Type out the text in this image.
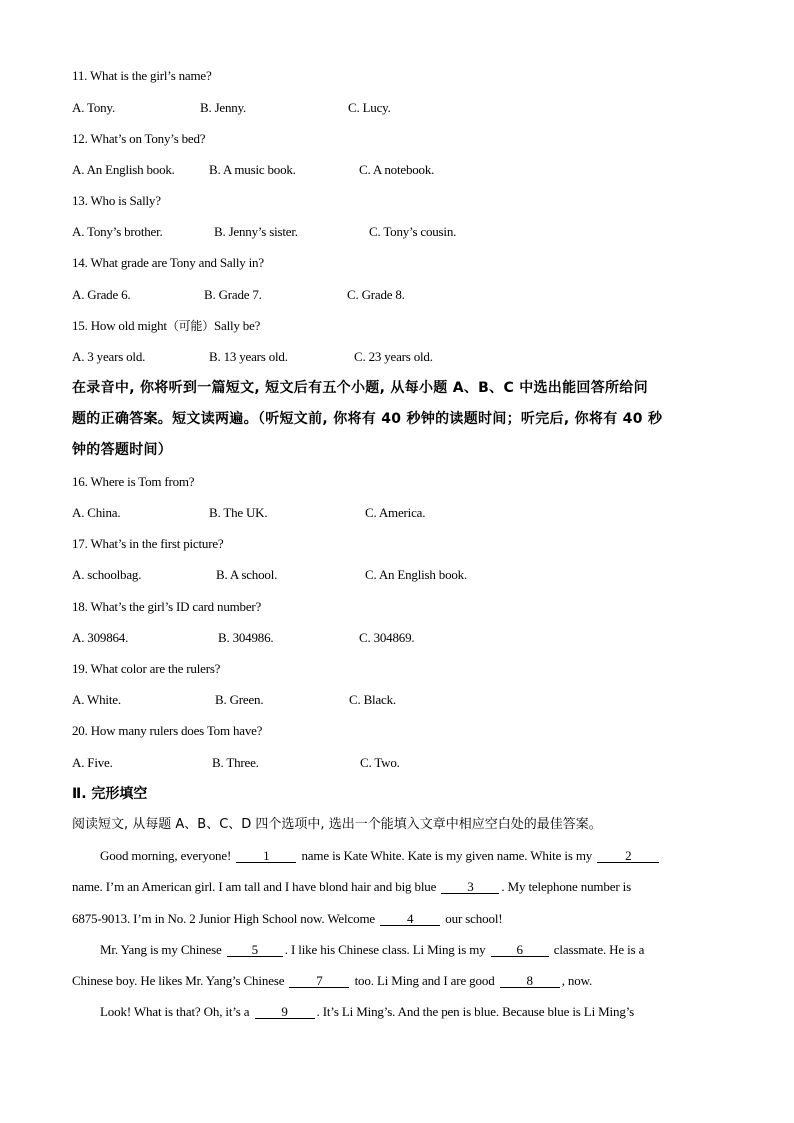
11. What is the girl’s name?
A. Tony.	B. Jenny.	C. Lucy.
12. What’s on Tony’s bed?
A. An English book.	B. A music book.	C. A notebook.
13. Who is Sally?
A. Tony’s brother.	B. Jenny’s sister.	C. Tony’s cousin.
14. What grade are Tony and Sally in?
A. Grade 6.	B. Grade 7.	C. Grade 8.
15. How old might（可能）Sally be?
A. 3 years old.	B. 13 years old.	C. 23 years old.
在录音中, 你将听到一篇短文, 短文后有五个小题, 从每小题 A、B、C 中选出能回答所给问
题的正确答案。短文读两遍。（听短文前, 你将有 40 秒钟的读题时间；听完后, 你将有 40 秒
钟的答题时间）
16. Where is Tom from?
A. China.	B. The UK.	C. America.
17. What’s in the first picture?
A. schoolbag.	B. A school.	C. An English book.
18. What’s the girl’s ID card number?
A. 309864.	B. 304986.	C. 304869.
19. What color are the rulers?
A. White.	B. Green.	C. Black.
20. How many rulers does Tom have?
A. Five.	B. Three.	C. Two.
Ⅱ. 完形填空
阅读短文, 从每题 A、B、C、D 四个选项中, 选出一个能填入文章中相应空白处的最佳答案。
Good morning, everyone! 1 name is Kate White. Kate is my given name. White is my	2
name. I’m an American girl. I am tall and I have blond hair and big blue 3 . My telephone number is
6875-9013. I’m in No. 2 Junior High School now. Welcome 4 our school!
Mr. Yang is my Chinese 5 . I like his Chinese class. Li Ming is my 6 classmate. He is a
Chinese boy. He likes Mr. Yang’s Chinese 7 too. Li Ming and I are good 8 , now.
Look! What is that? Oh, it’s a 9 . It’s Li Ming’s. And the pen is blue. Because blue is Li Ming’s
